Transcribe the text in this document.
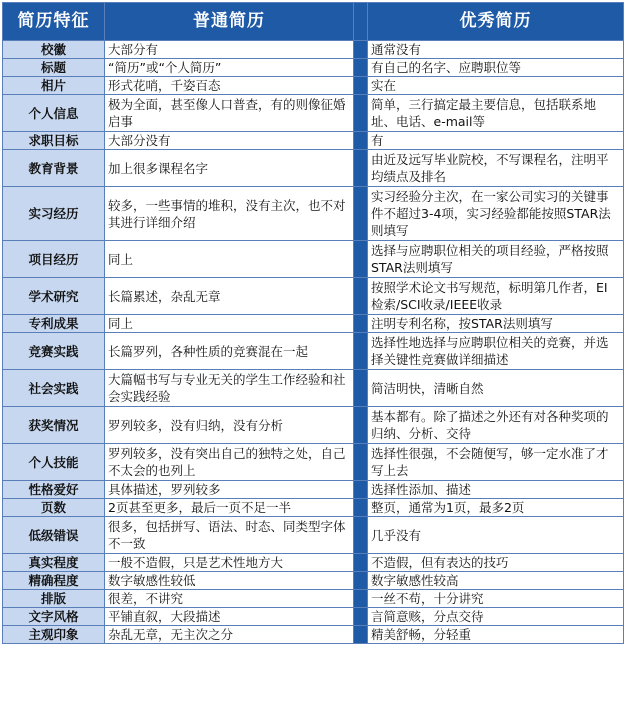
简历特征	普通简历		优秀简历
校徽	大部分有		通常没有
标题	“简历”或“个人简历”		有自己的名字、应聘职位等
相片	形式花哨，千姿百态		实在
个人信息	极为全面，甚至像人口普查，有的则像征婚启事		简单，三行搞定最主要信息，包括联系地址、电话、e-mail等
求职目标	大部分没有		有
教育背景	加上很多课程名字		由近及远写毕业院校，不写课程名，注明平均绩点及排名
实习经历	较多，一些事情的堆积，没有主次，也不对其进行详细介绍		实习经验分主次，在一家公司实习的关键事件不超过3-4项，实习经验都能按照STAR法则填写
项目经历	同上		选择与应聘职位相关的项目经验，严格按照STAR法则填写
学术研究	长篇累述，杂乱无章		按照学术论文书写规范，标明第几作者，EI检索/SCI收录/IEEE收录
专利成果	同上		注明专利名称，按STAR法则填写
竞赛实践	长篇罗列，各种性质的竞赛混在一起		选择性地选择与应聘职位相关的竞赛，并选择关键性竞赛做详细描述
社会实践	大篇幅书写与专业无关的学生工作经验和社会实践经验		简洁明快，清晰自然
获奖情况	罗列较多，没有归纳，没有分析		基本都有。除了描述之外还有对各种奖项的归纳、分析、交待
个人技能	罗列较多，没有突出自己的独特之处，自己不太会的也列上		选择性很强，不会随便写，够一定水准了才写上去
性格爱好	具体描述，罗列较多		选择性添加、描述
页数	2页甚至更多，最后一页不足一半		整页，通常为1页，最多2页
低级错误	很多，包括拼写、语法、时态、同类型字体不一致		几乎没有
真实程度	一般不造假，只是艺术性地方大		不造假，但有表达的技巧
精确程度	数字敏感性较低		数字敏感性较高
排版	很差，不讲究		一丝不苟，十分讲究
文字风格	平铺直叙，大段描述		言简意赅，分点交待
主观印象	杂乱无章，无主次之分		精美舒畅，分轻重
